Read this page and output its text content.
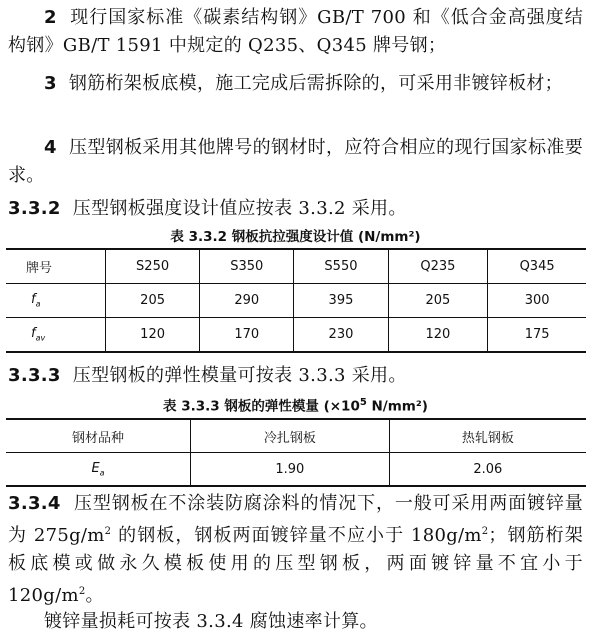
2 现行国家标准《碳素结构钢》GB/T 700 和《低合金高强度结构钢》GB/T 1591 中规定的 Q235、Q345 牌号钢；
3 钢筋桁架板底模，施工完成后需拆除的，可采用非镀锌板材；
4 压型钢板采用其他牌号的钢材时，应符合相应的现行国家标准要求。
3.3.2 压型钢板强度设计值应按表 3.3.2 采用。
表 3.3.2 钢板抗拉强度设计值 (N/mm²)
牌号	S250	S350	S550	Q235	Q345
$f_a$	205	290	395	205	300
$f_{av}$	120	170	230	120	175
3.3.3 压型钢板的弹性模量可按表 3.3.3 采用。
表 3.3.3 钢板的弹性模量 ($\times 10^5$ N/mm²)
钢材品种	冷扎钢板	热轧钢板
$E_a$	1.90	2.06
3.3.4 压型钢板在不涂装防腐涂料的情况下，一般可采用两面镀锌量为 $275g/m^2$ 的钢板，钢板两面镀锌量不应小于 $180g/m^2$；钢筋桁架板底模或做永久模板使用的压型钢板，两面镀锌量不宜小于 $120g/m^2$。
镀锌量损耗可按表 3.3.4 腐蚀速率计算。
